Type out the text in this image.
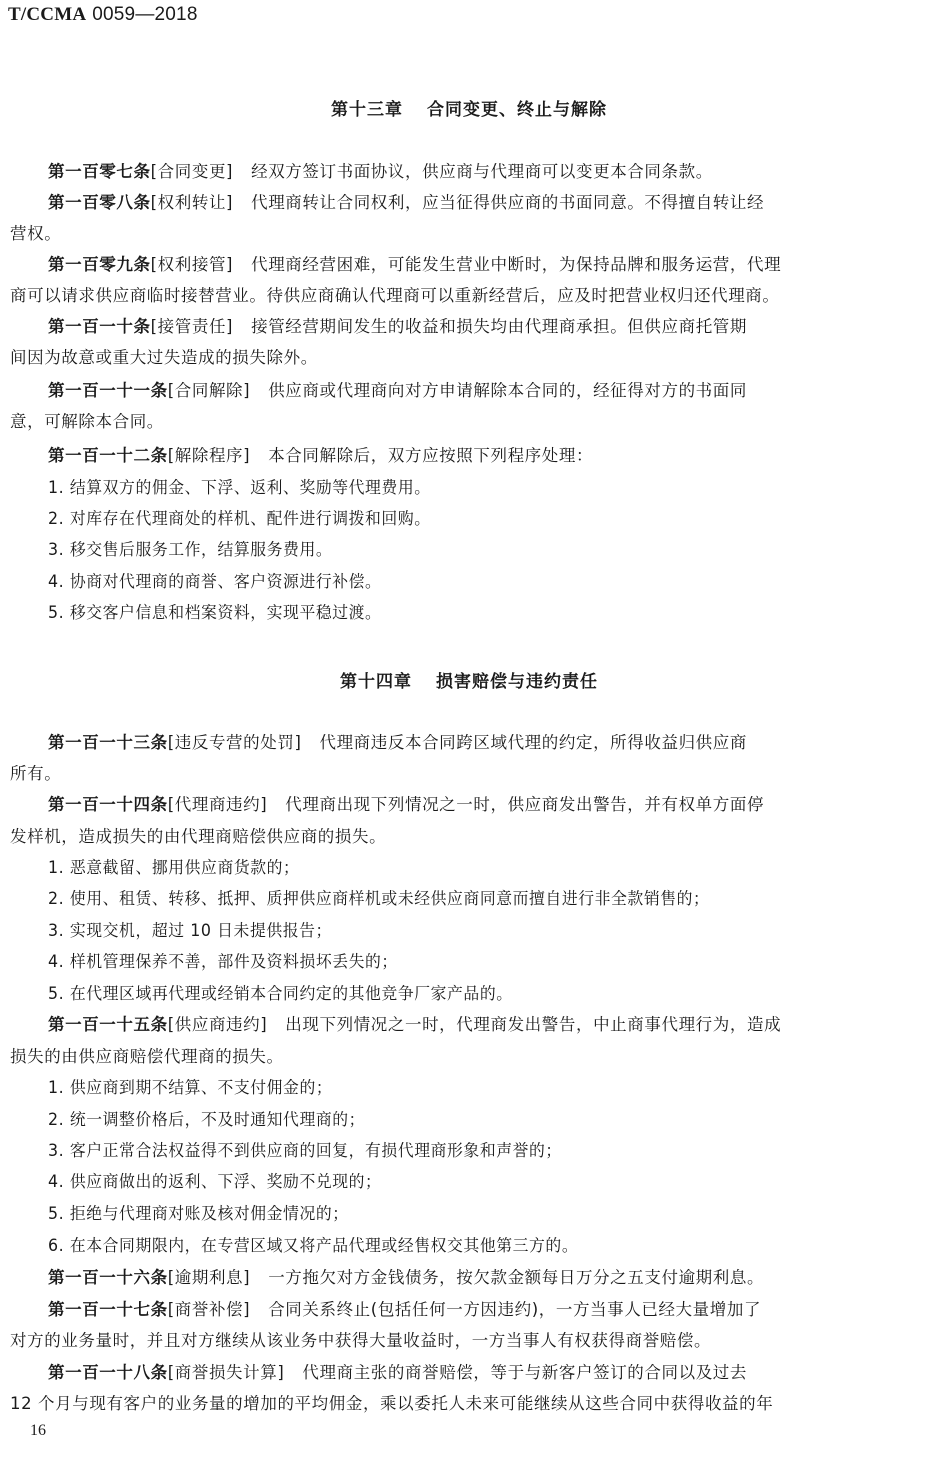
T/CCMA 0059—2018
第十三章 合同变更、终止与解除
第一百零七条[合同变更] 经双方签订书面协议，供应商与代理商可以变更本合同条款。
第一百零八条[权利转让] 代理商转让合同权利，应当征得供应商的书面同意。不得擅自转让经
营权。
第一百零九条[权利接管] 代理商经营困难，可能发生营业中断时，为保持品牌和服务运营，代理
商可以请求供应商临时接替营业。待供应商确认代理商可以重新经营后，应及时把营业权归还代理商。
第一百一十条[接管责任] 接管经营期间发生的收益和损失均由代理商承担。但供应商托管期
间因为故意或重大过失造成的损失除外。
第一百一十一条[合同解除] 供应商或代理商向对方申请解除本合同的，经征得对方的书面同
意，可解除本合同。
第一百一十二条[解除程序] 本合同解除后，双方应按照下列程序处理：
1. 结算双方的佣金、下浮、返利、奖励等代理费用。
2. 对库存在代理商处的样机、配件进行调拨和回购。
3. 移交售后服务工作，结算服务费用。
4. 协商对代理商的商誉、客户资源进行补偿。
5. 移交客户信息和档案资料，实现平稳过渡。
第十四章 损害赔偿与违约责任
第一百一十三条[违反专营的处罚] 代理商违反本合同跨区域代理的约定，所得收益归供应商
所有。
第一百一十四条[代理商违约] 代理商出现下列情况之一时，供应商发出警告，并有权单方面停
发样机，造成损失的由代理商赔偿供应商的损失。
1. 恶意截留、挪用供应商货款的；
2. 使用、租赁、转移、抵押、质押供应商样机或未经供应商同意而擅自进行非全款销售的；
3. 实现交机，超过 10 日未提供报告；
4. 样机管理保养不善，部件及资料损坏丢失的；
5. 在代理区域再代理或经销本合同约定的其他竞争厂家产品的。
第一百一十五条[供应商违约] 出现下列情况之一时，代理商发出警告，中止商事代理行为，造成
损失的由供应商赔偿代理商的损失。
1. 供应商到期不结算、不支付佣金的；
2. 统一调整价格后，不及时通知代理商的；
3. 客户正常合法权益得不到供应商的回复，有损代理商形象和声誉的；
4. 供应商做出的返利、下浮、奖励不兑现的；
5. 拒绝与代理商对账及核对佣金情况的；
6. 在本合同期限内，在专营区域又将产品代理或经售权交其他第三方的。
第一百一十六条[逾期利息] 一方拖欠对方金钱债务，按欠款金额每日万分之五支付逾期利息。
第一百一十七条[商誉补偿] 合同关系终止(包括任何一方因违约)，一方当事人已经大量增加了
对方的业务量时，并且对方继续从该业务中获得大量收益时，一方当事人有权获得商誉赔偿。
第一百一十八条[商誉损失计算] 代理商主张的商誉赔偿，等于与新客户签订的合同以及过去
12 个月与现有客户的业务量的增加的平均佣金，乘以委托人未来可能继续从这些合同中获得收益的年
16
